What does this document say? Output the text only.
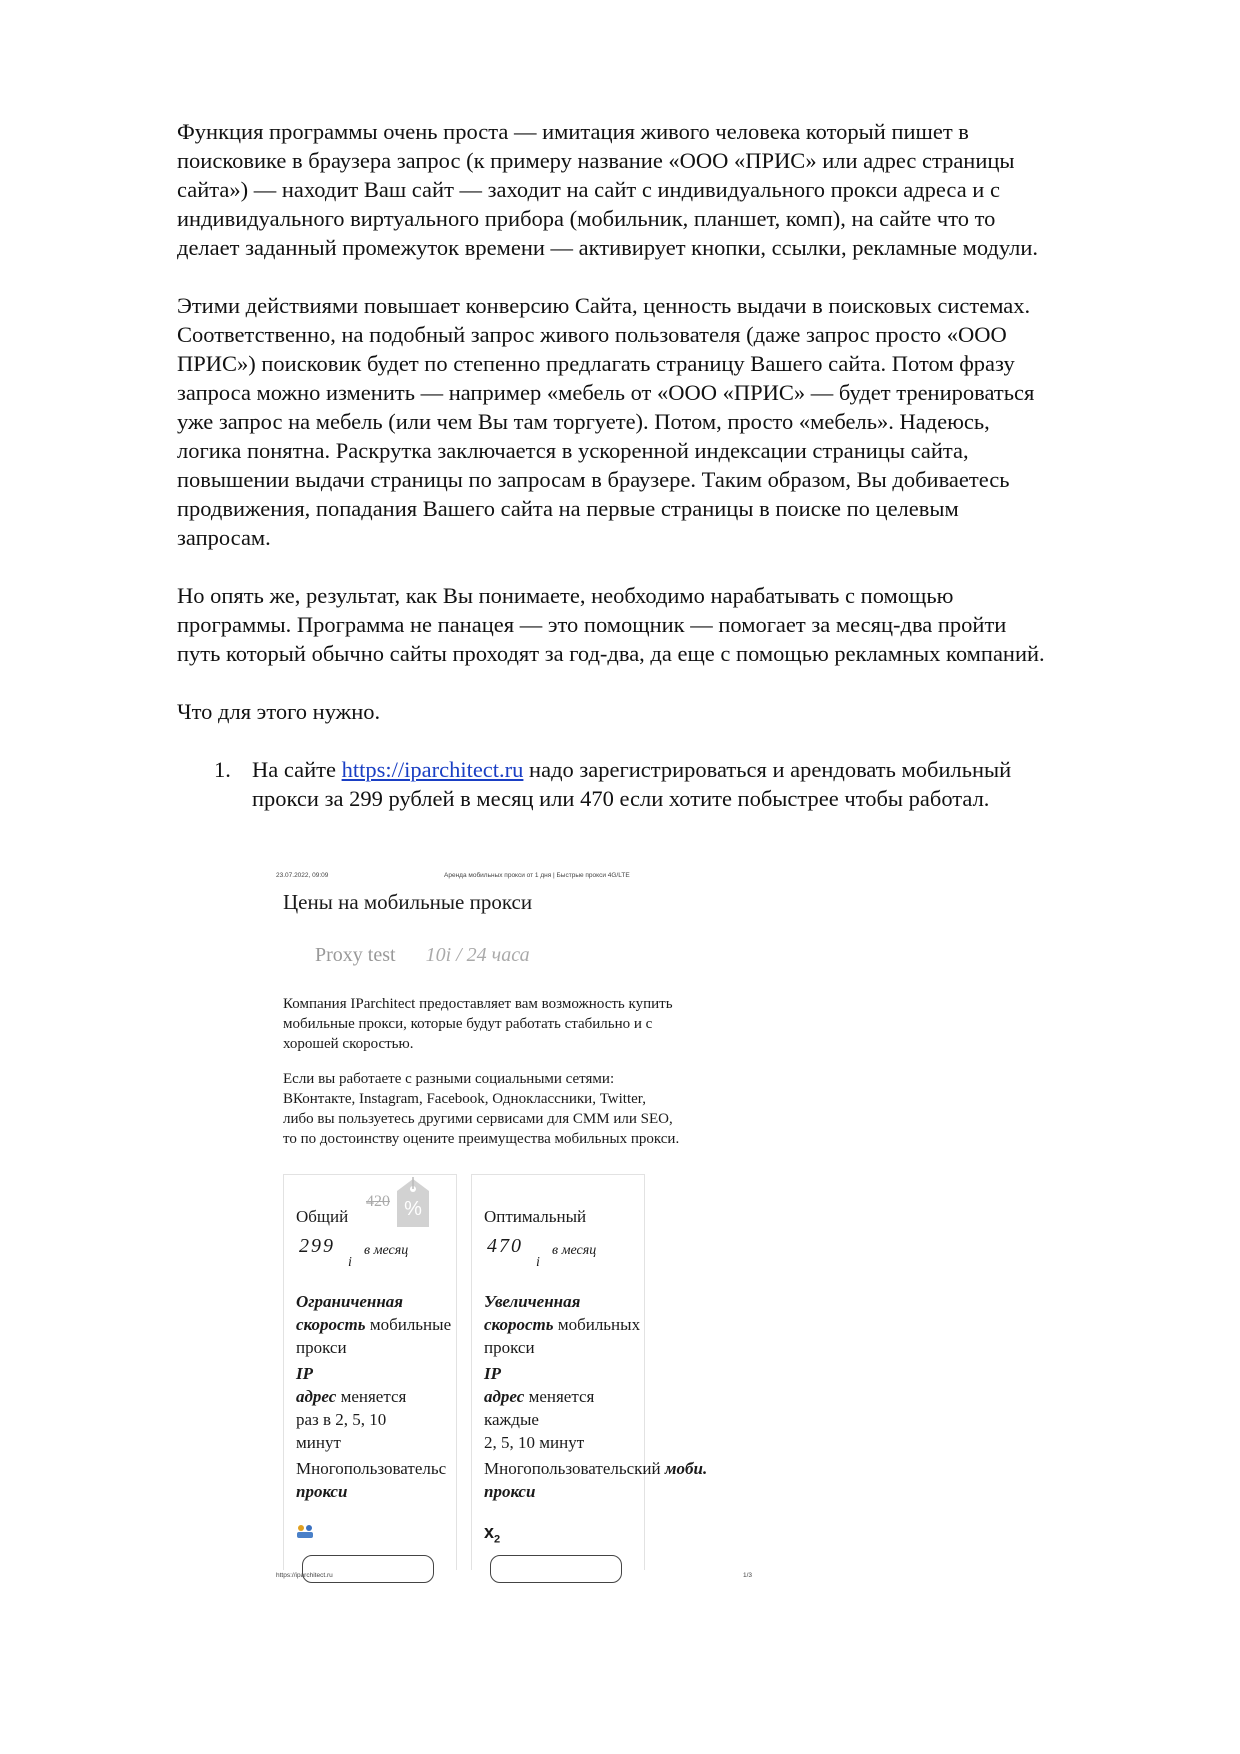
Функция программы очень проста — имитация живого человека который пишет в
поисковике в браузера запрос (к примеру название «ООО «ПРИС» или адрес страницы
сайта») — находит Ваш сайт — заходит на сайт с индивидуального прокси адреса и с
индивидуального виртуального прибора (мобильник, планшет, комп), на сайте что то
делает заданный промежуток времени — активирует кнопки, ссылки, рекламные модули.

Этими действиями повышает конверсию Сайта, ценность выдачи в поисковых системах.
Соответственно, на подобный запрос живого пользователя (даже запрос просто «ООО
ПРИС») поисковик будет по степенно предлагать страницу Вашего сайта. Потом фразу
запроса можно изменить — например «мебель от «ООО «ПРИС» — будет тренироваться
уже запрос на мебель (или чем Вы там торгуете). Потом, просто «мебель». Надеюсь,
логика понятна. Раскрутка заключается в ускоренной индексации страницы сайта,
повышении выдачи страницы по запросам в браузере. Таким образом, Вы добиваетесь
продвижения, попадания Вашего сайта на первые страницы в поиске по целевым
запросам.

Но опять же, результат, как Вы понимаете, необходимо нарабатывать с помощью
программы. Программа не панацея — это помощник — помогает за месяц-два пройти
путь который обычно сайты проходят за год-два, да еще с помощью рекламных компаний.

Что для этого нужно.

1. На сайте https://iparchitect.ru надо зарегистрироваться и арендовать мобильный
прокси за 299 рублей в месяц или 470 если хотите побыстрее чтобы работал.
23.07.2022, 09:09	Аренда мобильных прокси от 1 дня | Быстрые прокси 4G/LTE
Цены на мобильные прокси
Proxy test 10i / 24 часа
Компания IParchitect предоставляет вам возможность купить
мобильные прокси, которые будут работать стабильно и с
хорошей скоростью.
Если вы работаете с разными социальными сетями:
ВКонтакте, Instagram, Facebook, Одноклассники, Twitter,
либо вы пользуетесь другими сервисами для СММ или SEO,
то по достоинству оцените преимущества мобильных прокси.
420 %
Общий
299
i
в месяц
Ограниченная
скорость мобильные
прокси
IP
адрес меняется
раз в 2, 5, 10
минут
Многопользовательс
прокси
Оптимальный
470
i
в месяц
Увеличенная
скорость мобильных
прокси
IP
адрес меняется
каждые
2, 5, 10 минут
Многопользовательский моби.
прокси
$x_2$
https://iparchitect.ru	1/3
